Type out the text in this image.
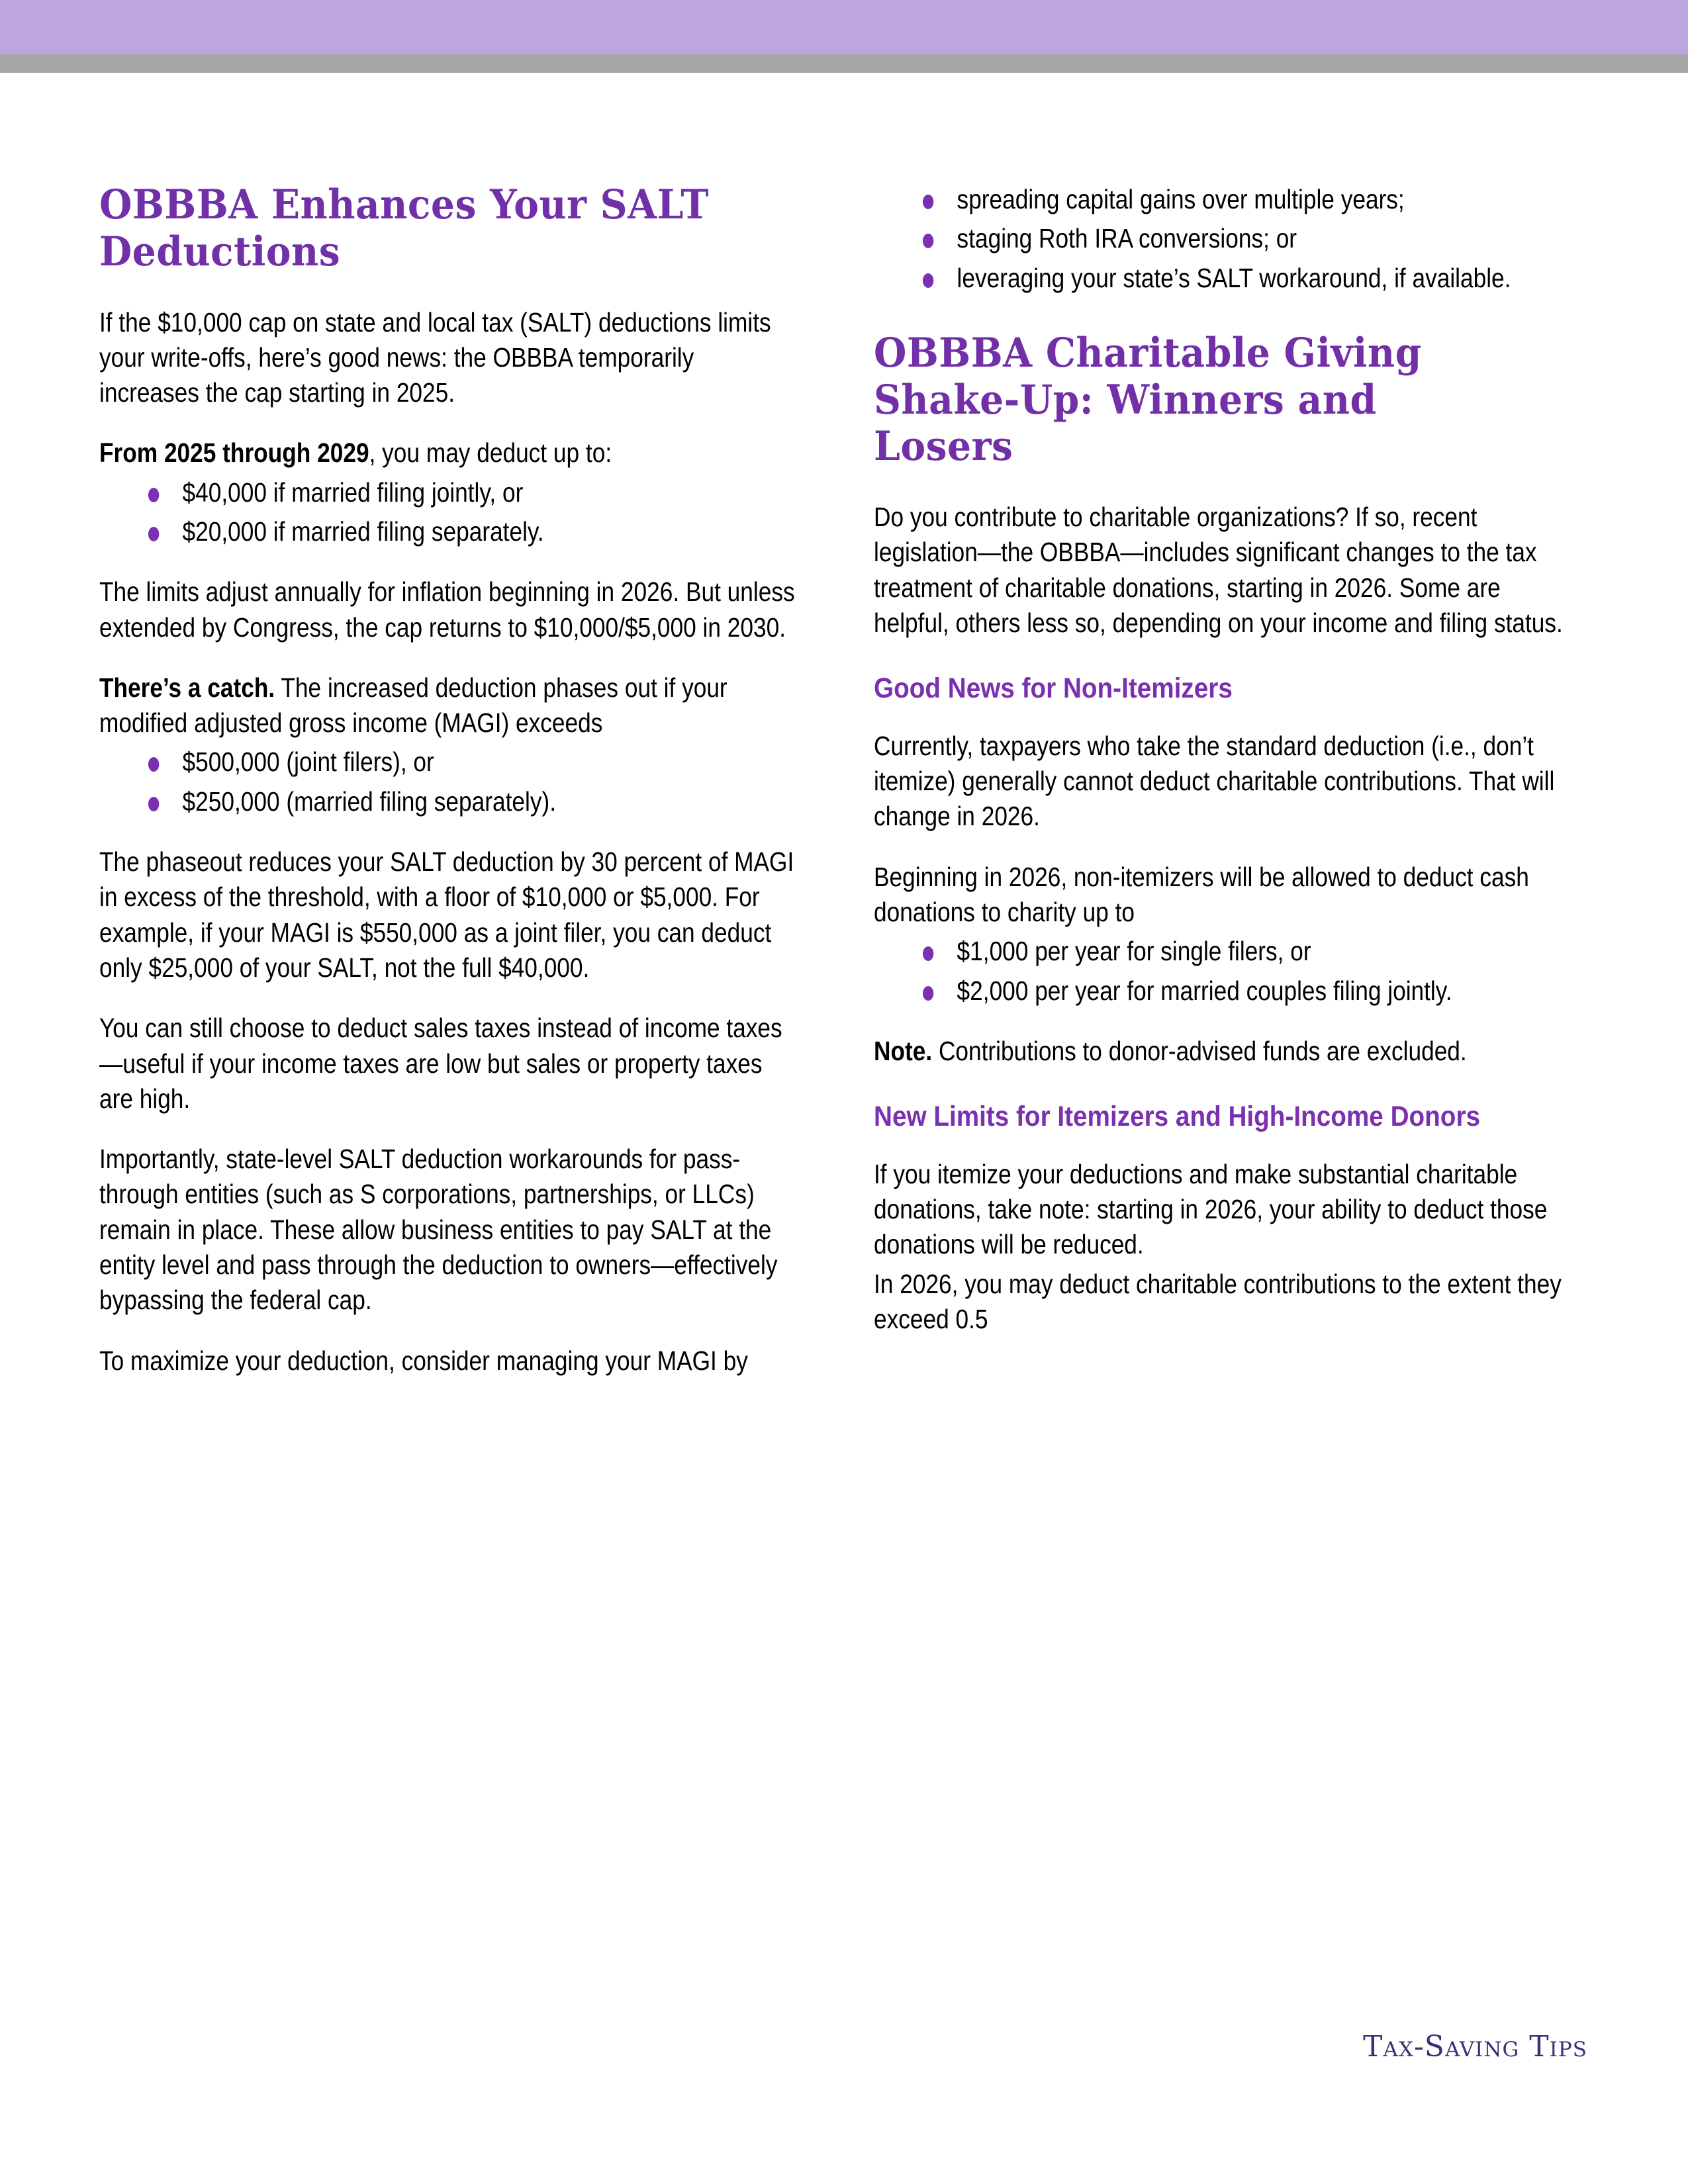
OBBBA Enhances Your SALT Deductions

If the $10,000 cap on state and local tax (SALT) deductions limits your write-offs, here’s good news: the OBBBA temporarily increases the cap starting in 2025.

From 2025 through 2029, you may deduct up to:

$40,000 if married filing jointly, or
$20,000 if married filing separately.

The limits adjust annually for inflation beginning in 2026. But unless extended by Congress, the cap returns to $10,000/$5,000 in 2030.

There’s a catch. The increased deduction phases out if your modified adjusted gross income (MAGI) exceeds

$500,000 (joint filers), or
$250,000 (married filing separately).

The phaseout reduces your SALT deduction by 30 percent of MAGI in excess of the threshold, with a floor of $10,000 or $5,000. For example, if your MAGI is $550,000 as a joint filer, you can deduct only $25,000 of your SALT, not the full $40,000.

You can still choose to deduct sales taxes instead of income taxes—useful if your income taxes are low but sales or property taxes are high.

Importantly, state-level SALT deduction workarounds for pass-through entities (such as S corporations, partnerships, or LLCs) remain in place. These allow business entities to pay SALT at the entity level and pass through the deduction to owners—effectively bypassing the federal cap.

To maximize your deduction, consider managing your MAGI by

spreading capital gains over multiple years;
staging Roth IRA conversions; or
leveraging your state’s SALT workaround, if available.
OBBBA Charitable Giving Shake-Up: Winners and Losers

Do you contribute to charitable organizations? If so, recent legislation—the OBBBA—includes significant changes to the tax treatment of charitable donations, starting in 2026. Some are helpful, others less so, depending on your income and filing status.

Good News for Non-Itemizers

Currently, taxpayers who take the standard deduction (i.e., don’t itemize) generally cannot deduct charitable contributions. That will change in 2026.

Beginning in 2026, non-itemizers will be allowed to deduct cash donations to charity up to

$1,000 per year for single filers, or
$2,000 per year for married couples filing jointly.

Note. Contributions to donor-advised funds are excluded.

New Limits for Itemizers and High-Income Donors

If you itemize your deductions and make substantial charitable donations, take note: starting in 2026, your ability to deduct those donations will be reduced.

In 2026, you may deduct charitable contributions to the extent they exceed 0.5

Tax-Saving Tips
